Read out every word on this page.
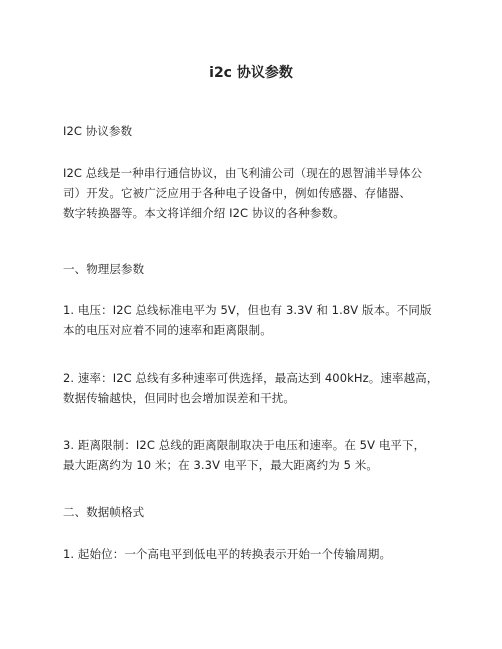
i2c 协议参数

I2C 协议参数

I2C 总线是一种串行通信协议，由飞利浦公司（现在的恩智浦半导体公
司）开发。它被广泛应用于各种电子设备中，例如传感器、存储器、
数字转换器等。本文将详细介绍 I2C 协议的各种参数。

一、物理层参数

1. 电压：I2C 总线标准电平为 5V，但也有 3.3V 和 1.8V 版本。不同版
本的电压对应着不同的速率和距离限制。

2. 速率：I2C 总线有多种速率可供选择，最高达到 400kHz。速率越高，
数据传输越快，但同时也会增加误差和干扰。

3. 距离限制：I2C 总线的距离限制取决于电压和速率。在 5V 电平下，
最大距离约为 10 米；在 3.3V 电平下，最大距离约为 5 米。

二、数据帧格式

1. 起始位：一个高电平到低电平的转换表示开始一个传输周期。
